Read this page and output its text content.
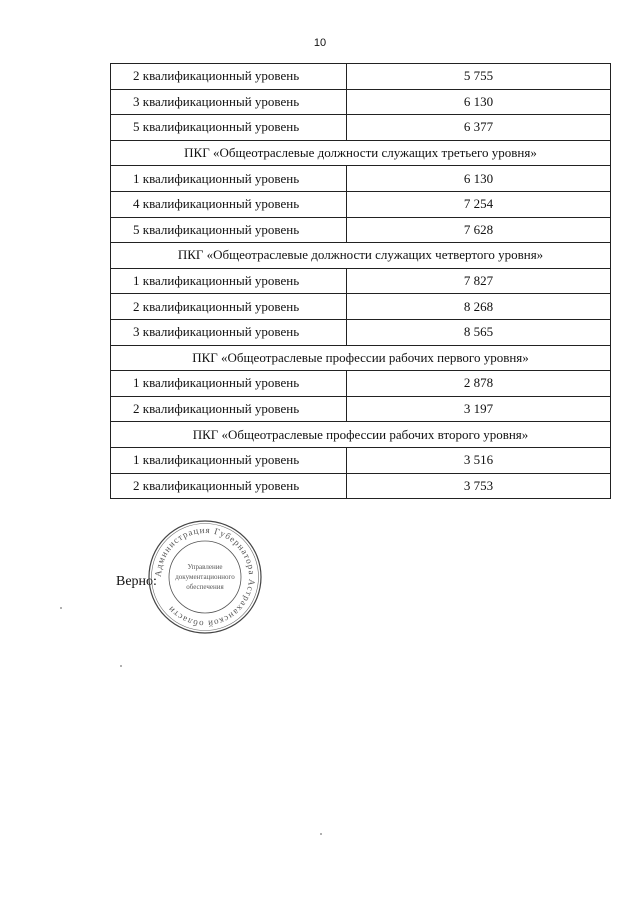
10
2 квалификационный уровень	5 755
3 квалификационный уровень	6 130
5 квалификационный уровень	6 377
ПКГ «Общеотраслевые должности служащих третьего уровня»	
1 квалификационный уровень	6 130
4 квалификационный уровень	7 254
5 квалификационный уровень	7 628
ПКГ «Общеотраслевые должности служащих четвертого уровня»	
1 квалификационный уровень	7 827
2 квалификационный уровень	8 268
3 квалификационный уровень	8 565
ПКГ «Общеотраслевые профессии рабочих первого уровня»	
1 квалификационный уровень	2 878
2 квалификационный уровень	3 197
ПКГ «Общеотраслевые профессии рабочих второго уровня»	
1 квалификационный уровень	3 516
2 квалификационный уровень	3 753
Верно:
Администрация Губернатора Астраханской области
Управление
документационного
обеспечения
